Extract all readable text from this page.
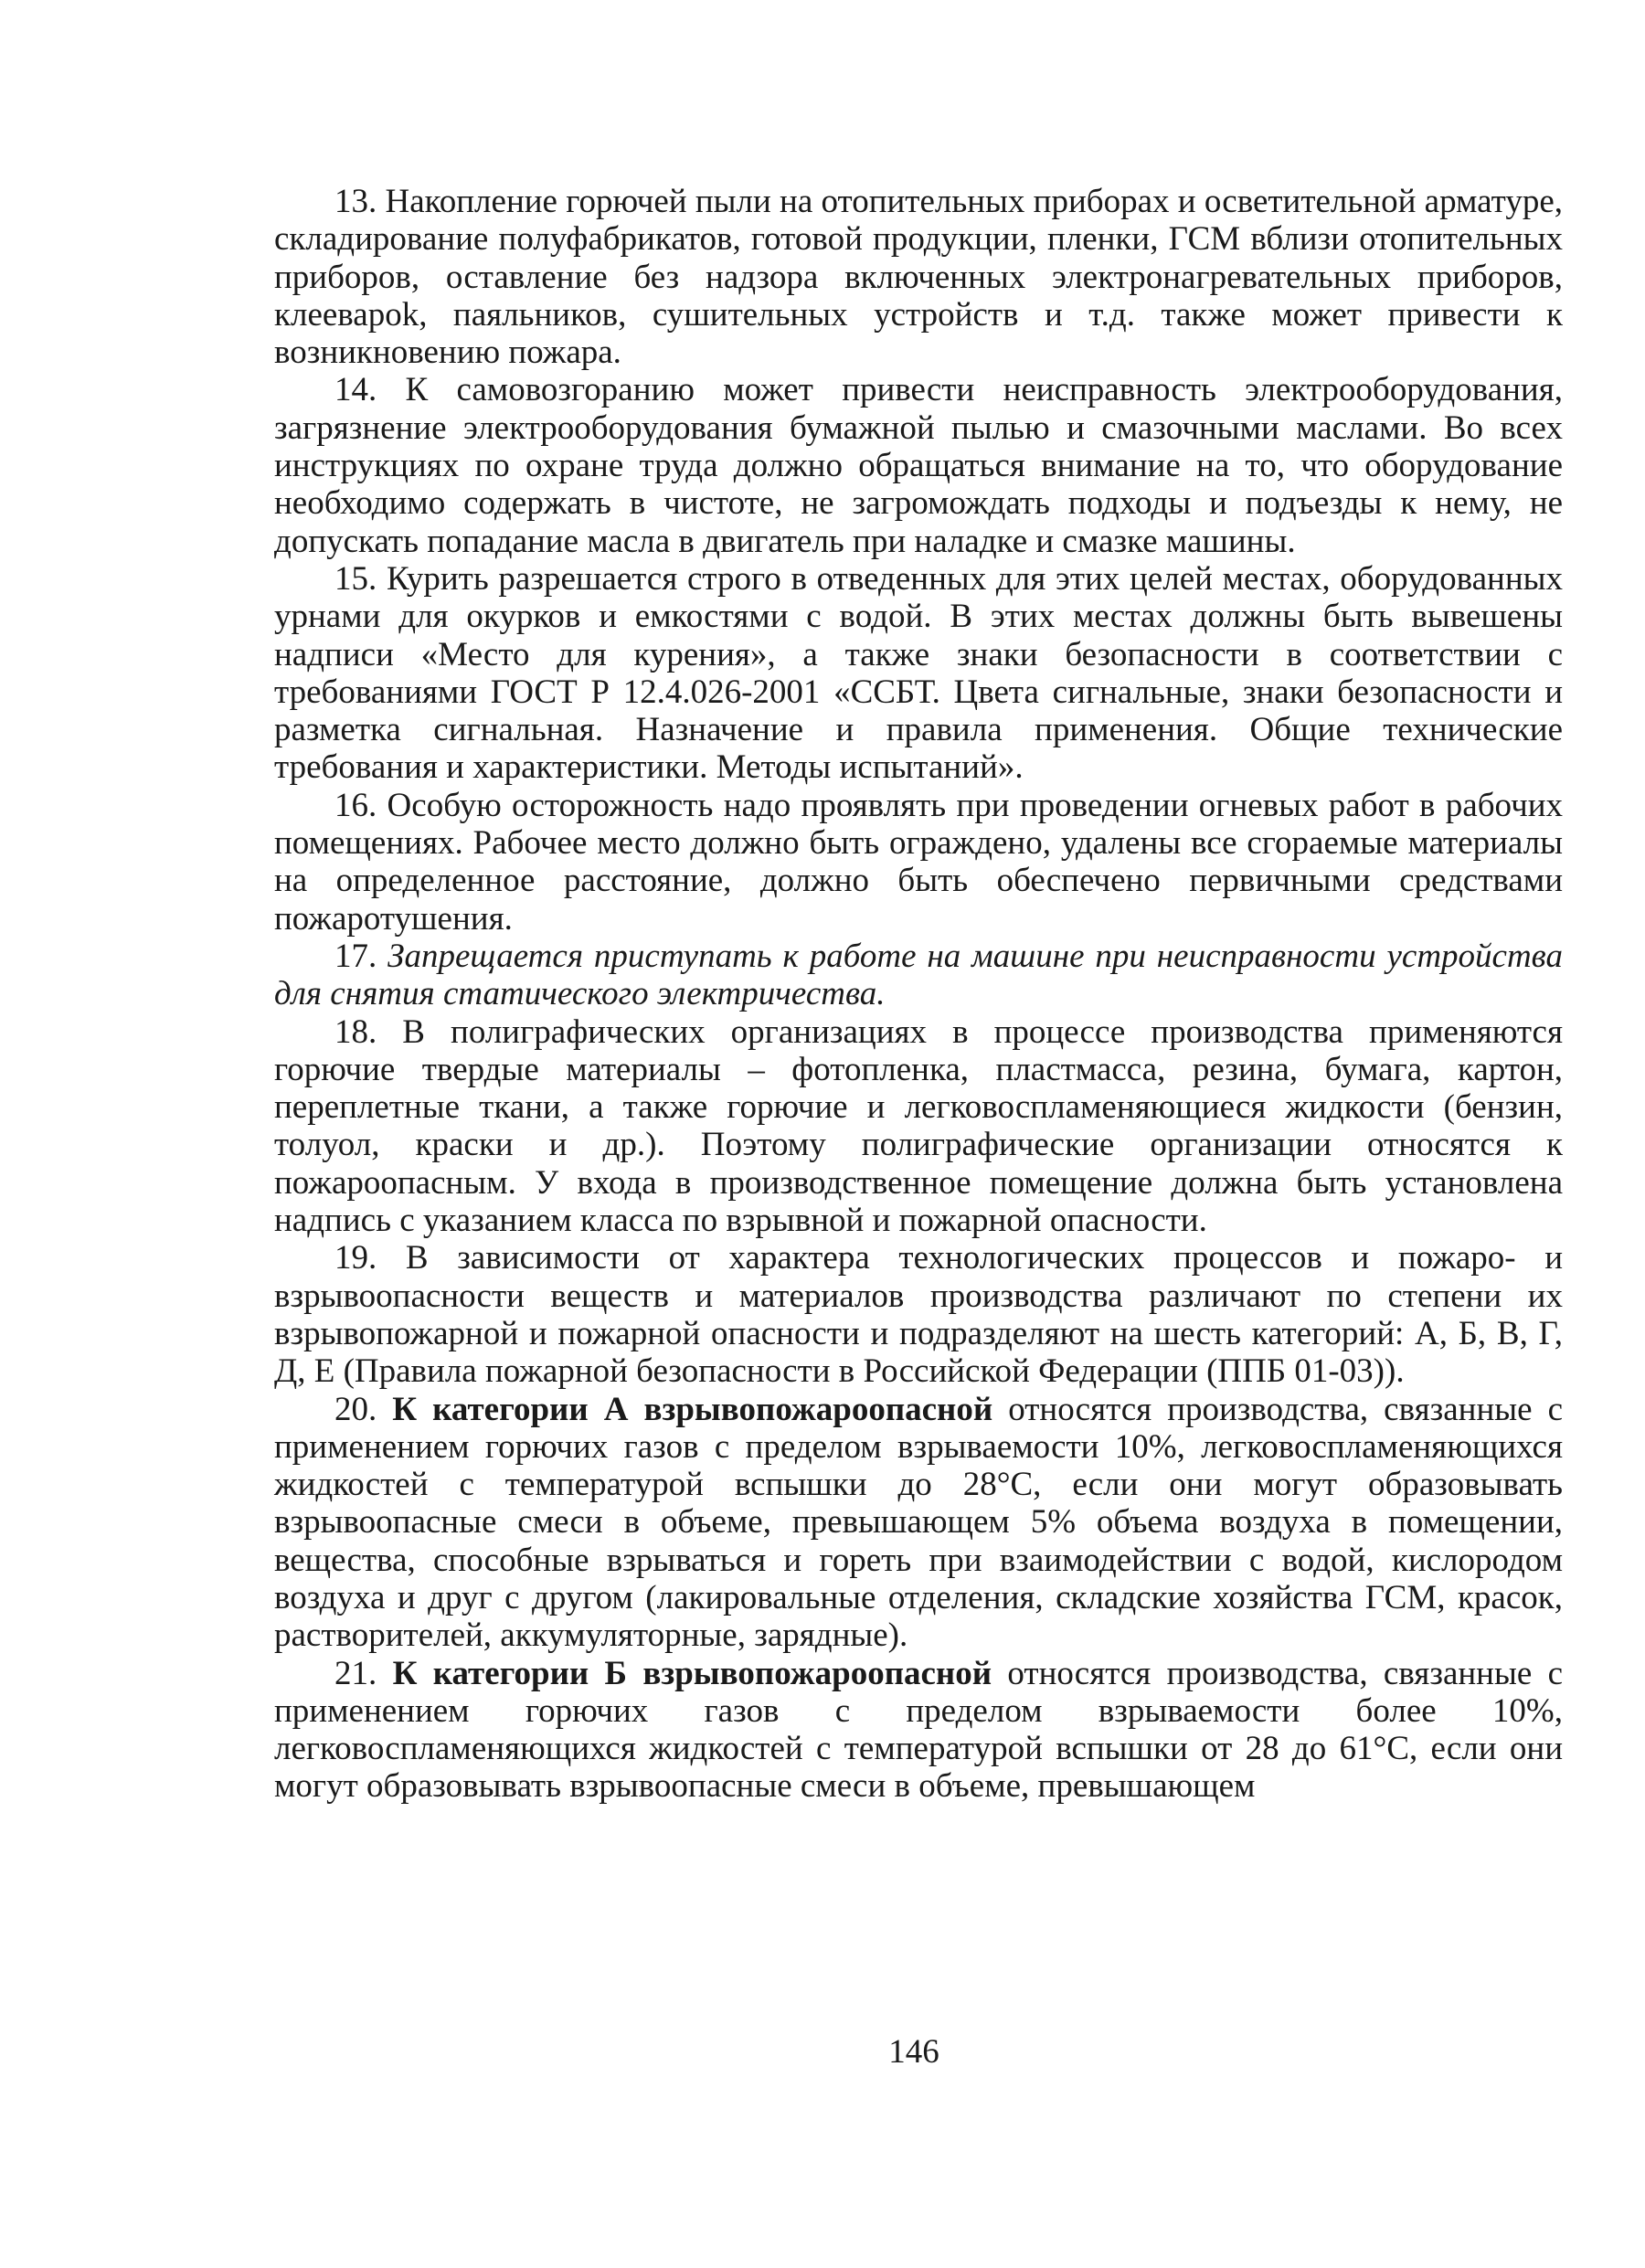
13. Накопление горючей пыли на отопительных приборах и осветительной арматуре, складирование полуфабрикатов, готовой продукции, пленки, ГСМ вблизи отопительных приборов, оставление без надзора включенных электронагревательных приборов, клеевароk, паяльников, сушительных устройств и т.д. также может привести к возникновению пожара.

14. К самовозгоранию может привести неисправность электрооборудования, загрязнение электрооборудования бумажной пылью и смазочными маслами. Во всех инструкциях по охране труда должно обращаться внимание на то, что оборудование необходимо содержать в чистоте, не загромождать подходы и подъезды к нему, не допускать попадание масла в двигатель при наладке и смазке машины.

15. Курить разрешается строго в отведенных для этих целей местах, оборудованных урнами для окурков и емкостями с водой. В этих местах должны быть вывешены надписи «Место для курения», а также знаки безопасности в соответствии с требованиями ГОСТ Р 12.4.026-2001 «ССБТ. Цвета сигнальные, знаки безопасности и разметка сигнальная. Назначение и правила применения. Общие технические требования и характеристики. Методы испытаний».

16. Особую осторожность надо проявлять при проведении огневых работ в рабочих помещениях. Рабочее место должно быть ограждено, удалены все сгораемые материалы на определенное расстояние, должно быть обеспечено первичными средствами пожаротушения.

17. Запрещается приступать к работе на машине при неисправности устройства для снятия статического электричества.

18. В полиграфических организациях в процессе производства применяются горючие твердые материалы – фотопленка, пластмасса, резина, бумага, картон, переплетные ткани, а также горючие и легковоспламеняющиеся жидкости (бензин, толуол, краски и др.). Поэтому полиграфические организации относятся к пожароопасным. У входа в производственное помещение должна быть установлена надпись с указанием класса по взрывной и пожарной опасности.

19. В зависимости от характера технологических процессов и пожаро- и взрывоопасности веществ и материалов производства различают по степени их взрывопожарной и пожарной опасности и подразделяют на шесть категорий: А, Б, В, Г, Д, Е (Правила пожарной безопасности в Российской Федерации (ППБ 01-03)).

20. К категории А взрывопожароопасной относятся производства, связанные с применением горючих газов с пределом взрываемости 10%, легковоспламеняющихся жидкостей с температурой вспышки до 28°С, если они могут образовывать взрывоопасные смеси в объеме, превышающем 5% объема воздуха в помещении, вещества, способные взрываться и гореть при взаимодействии с водой, кислородом воздуха и друг с другом (лакировальные отделения, складские хозяйства ГСМ, красок, растворителей, аккумуляторные, зарядные).

21. К категории Б взрывопожароопасной относятся производства, связанные с применением горючих газов с пределом взрываемости более 10%, легковоспламеняющихся жидкостей с температурой вспышки от 28 до 61°С, если они могут образовывать взрывоопасные смеси в объеме, превышающем

146
